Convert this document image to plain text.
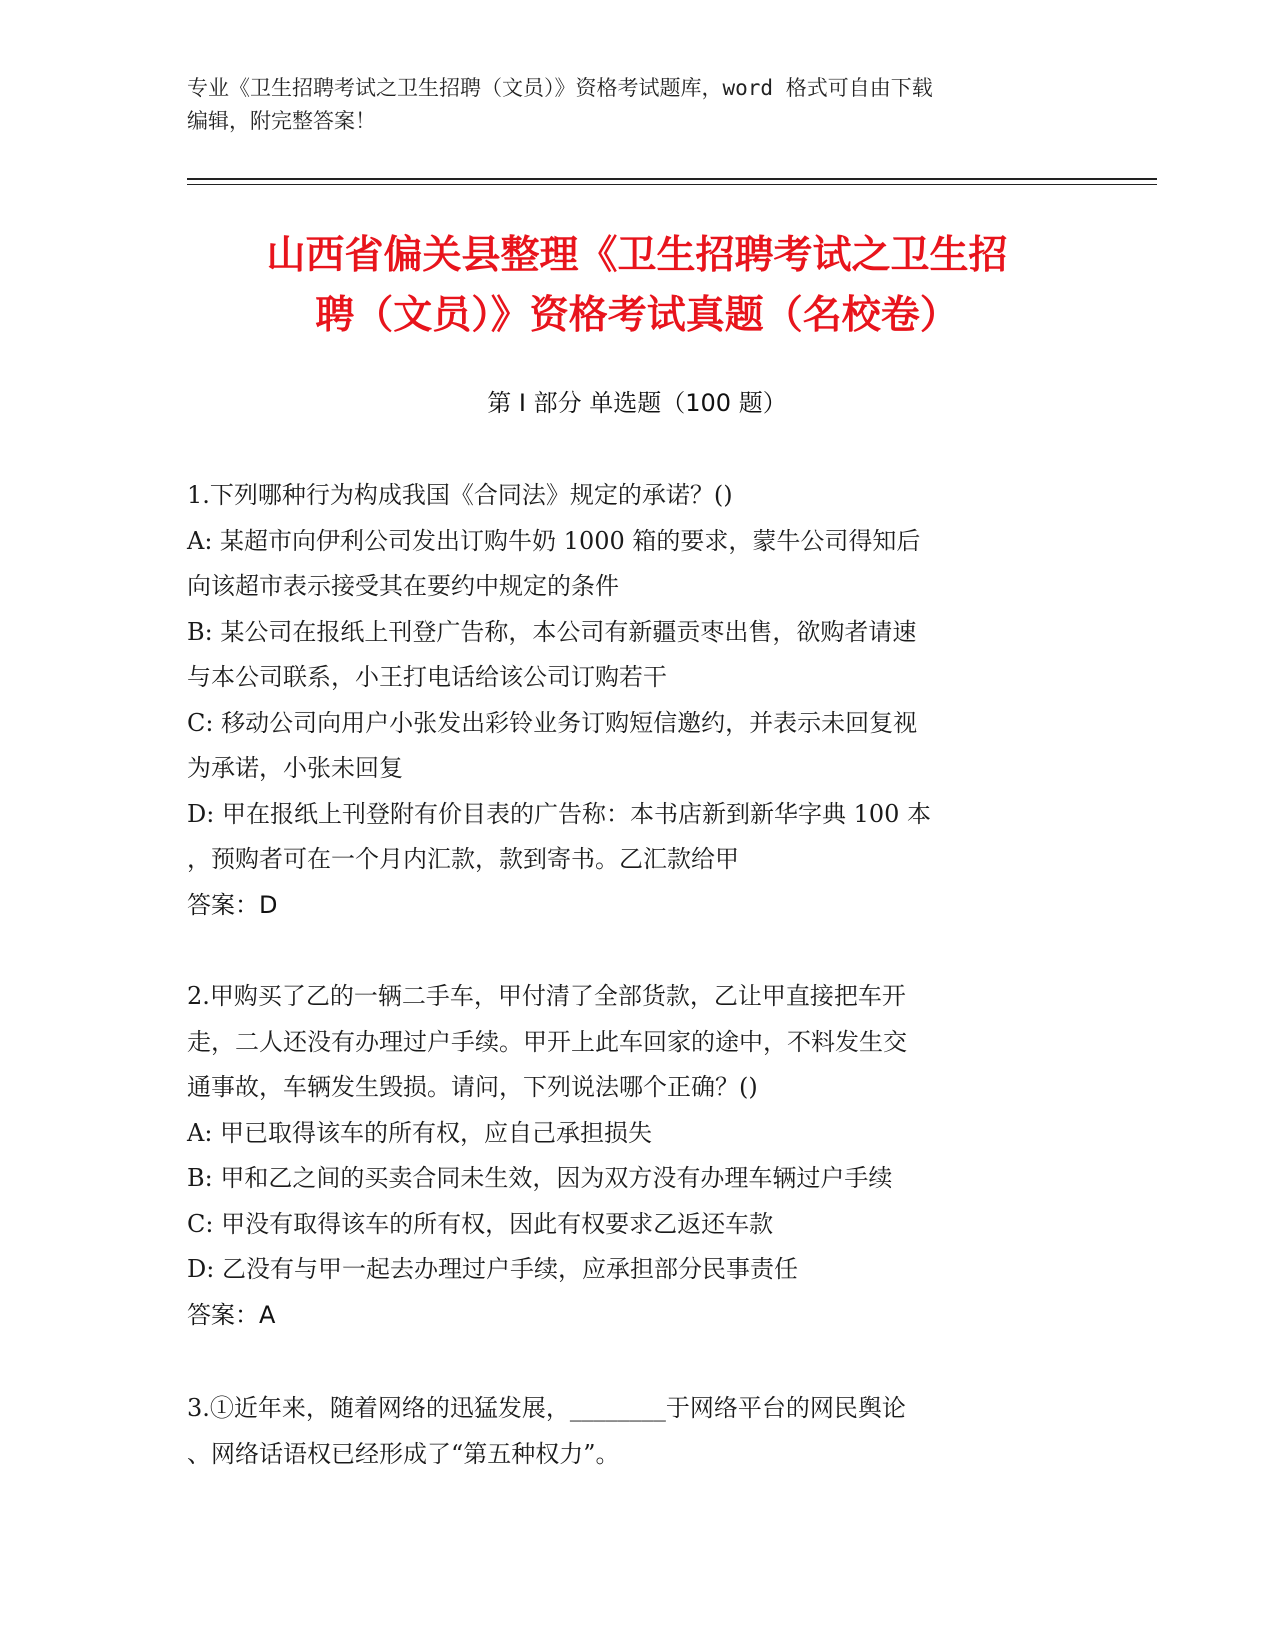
专业《卫生招聘考试之卫生招聘（文员）》资格考试题库，word 格式可自由下载
编辑，附完整答案！
山西省偏关县整理《卫生招聘考试之卫生招
聘（文员）》资格考试真题（名校卷）
第 I 部分 单选题（100 题）
1.下列哪种行为构成我国《合同法》规定的承诺？()
A: 某超市向伊利公司发出订购牛奶 1000 箱的要求，蒙牛公司得知后
向该超市表示接受其在要约中规定的条件
B: 某公司在报纸上刊登广告称，本公司有新疆贡枣出售，欲购者请速
与本公司联系，小王打电话给该公司订购若干
C: 移动公司向用户小张发出彩铃业务订购短信邀约，并表示未回复视
为承诺，小张未回复
D: 甲在报纸上刊登附有价目表的广告称：本书店新到新华字典 100 本
，预购者可在一个月内汇款，款到寄书。乙汇款给甲
答案：D
2.甲购买了乙的一辆二手车，甲付清了全部货款，乙让甲直接把车开
走，二人还没有办理过户手续。甲开上此车回家的途中，不料发生交
通事故，车辆发生毁损。请问，下列说法哪个正确？()
A: 甲已取得该车的所有权，应自己承担损失
B: 甲和乙之间的买卖合同未生效，因为双方没有办理车辆过户手续
C: 甲没有取得该车的所有权，因此有权要求乙返还车款
D: 乙没有与甲一起去办理过户手续，应承担部分民事责任
答案：A
3.①近年来，随着网络的迅猛发展，________于网络平台的网民舆论
、网络话语权已经形成了“第五种权力”。
